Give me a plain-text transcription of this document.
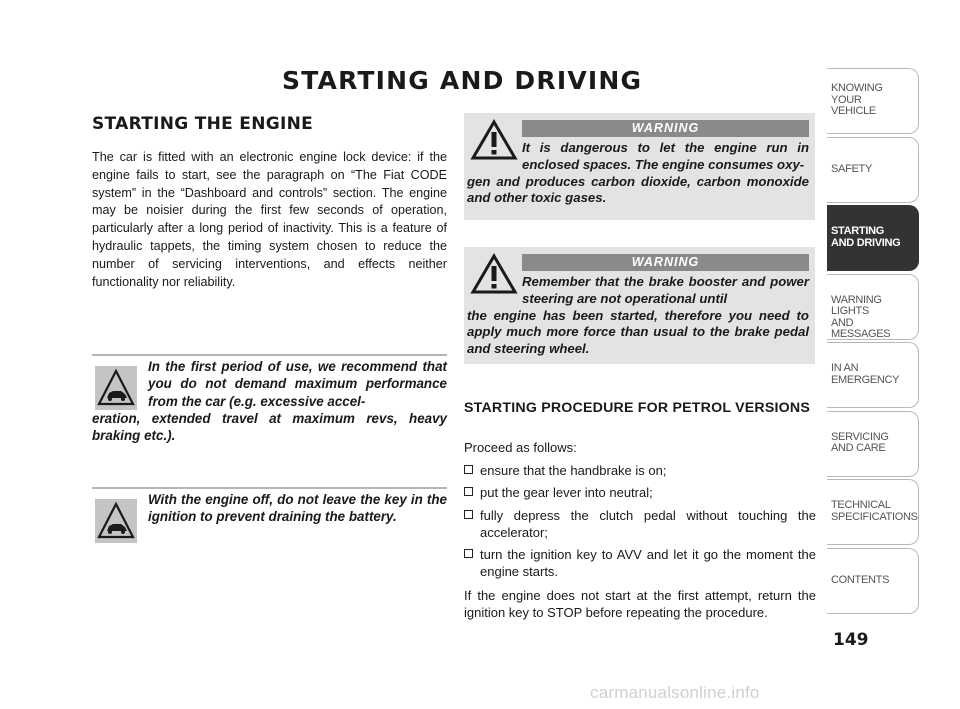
STARTING AND DRIVING
STARTING THE ENGINE

The car is fitted with an electronic engine lock device: if the engine fails to start, see the paragraph on “The Fiat CODE system” in the “Dashboard and controls” section. The engine may be noisier during the first few seconds of operation, particularly after a long period of inactivity. This is a feature of hydraulic tappets, the timing system chosen to reduce the number of servicing interventions, and effects neither functionality nor reliability.

In the first period of use, we recommend that you do not demand maximum performance from the car (e.g. excessive accel-
eration, extended travel at maximum revs, heavy braking etc.).

With the engine off, do not leave the key in the ignition to prevent draining the battery.

WARNING

It is dangerous to let the engine run in enclosed spaces. The engine consumes oxy-
gen and produces carbon dioxide, carbon monoxide and other toxic gases.

WARNING

Remember that the brake booster and power steering are not operational until
the engine has been started, therefore you need to apply much more force than usual to the brake pedal and steering wheel.

STARTING PROCEDURE FOR PETROL VERSIONS

Proceed as follows:

ensure that the handbrake is on;
put the gear lever into neutral;
fully depress the clutch pedal without touching the accelerator;
turn the ignition key to AVV and let it go the moment the engine starts.

If the engine does not start at the first attempt, return the ignition key to STOP before repeating the procedure.

KNOWING
YOUR
VEHICLE
SAFETY
STARTING
AND DRIVING
WARNING LIGHTS
AND MESSAGES
IN AN
EMERGENCY
SERVICING
AND CARE
TECHNICAL
SPECIFICATIONS
CONTENTS

149

carmanualsonline.info
